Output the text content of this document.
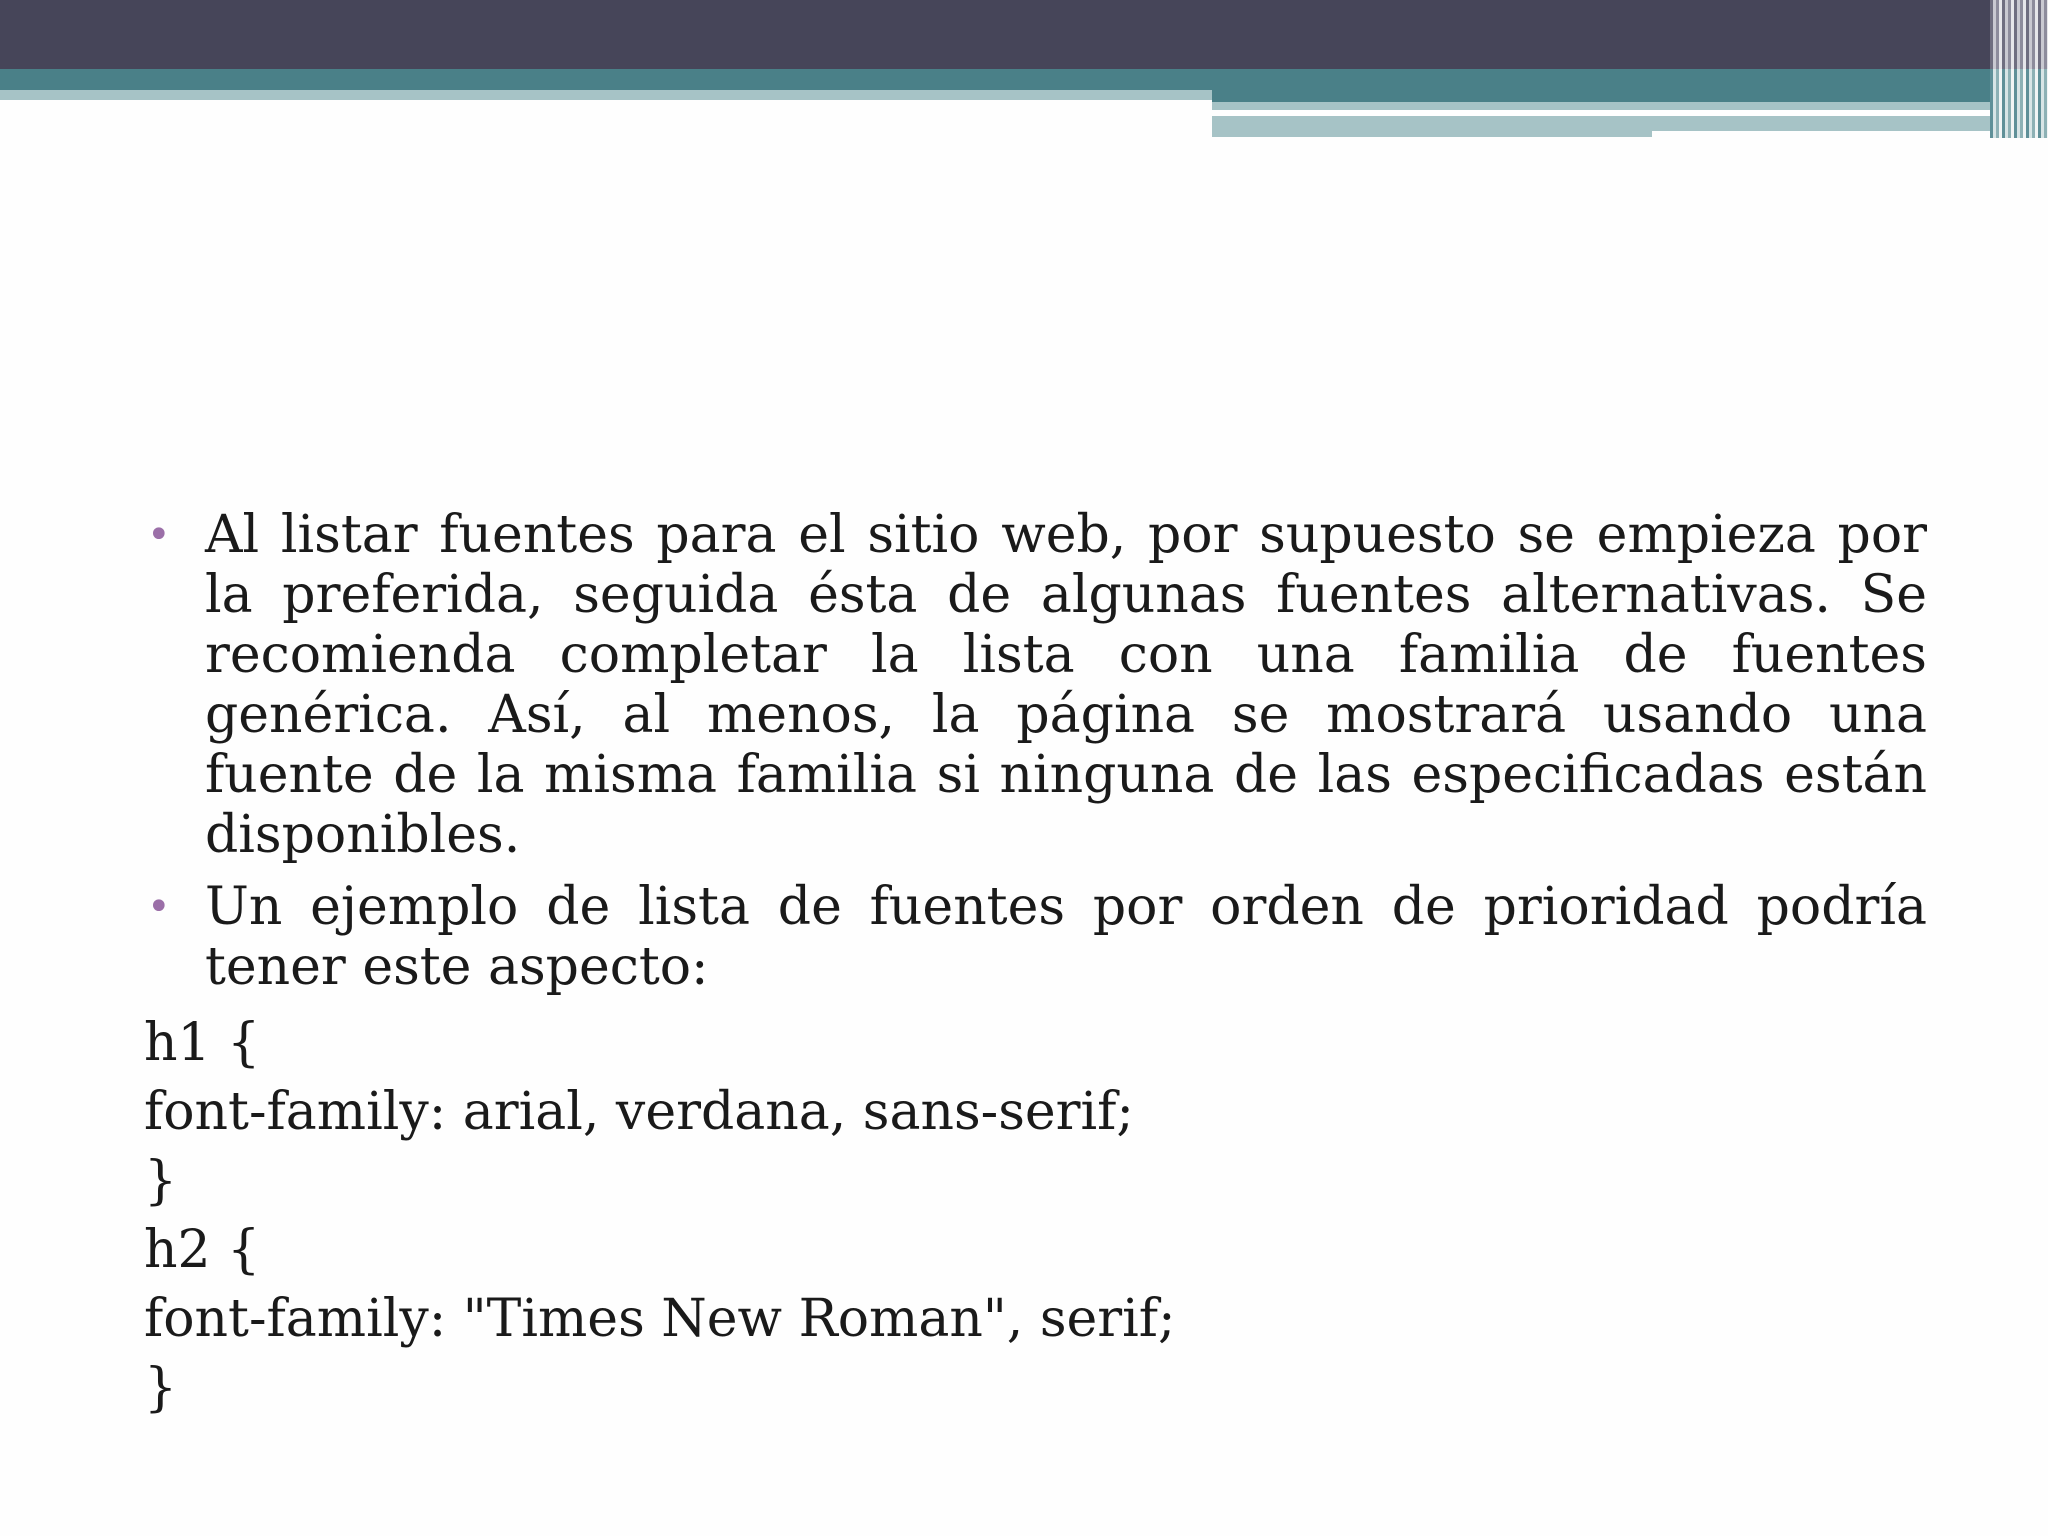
• Al listar fuentes para el sitio web, por supuesto se empieza por la preferida, seguida ésta de algunas fuentes alternativas. Se recomienda completar la lista con una familia de fuentes genérica. Así, al menos, la página se mostrará usando una fuente de la misma familia si ninguna de las especificadas están disponibles.
• Un ejemplo de lista de fuentes por orden de prioridad podría tener este aspecto:
h1 {
font-family: arial, verdana, sans-serif;
}
h2 {
font-family: "Times New Roman", serif;
}
